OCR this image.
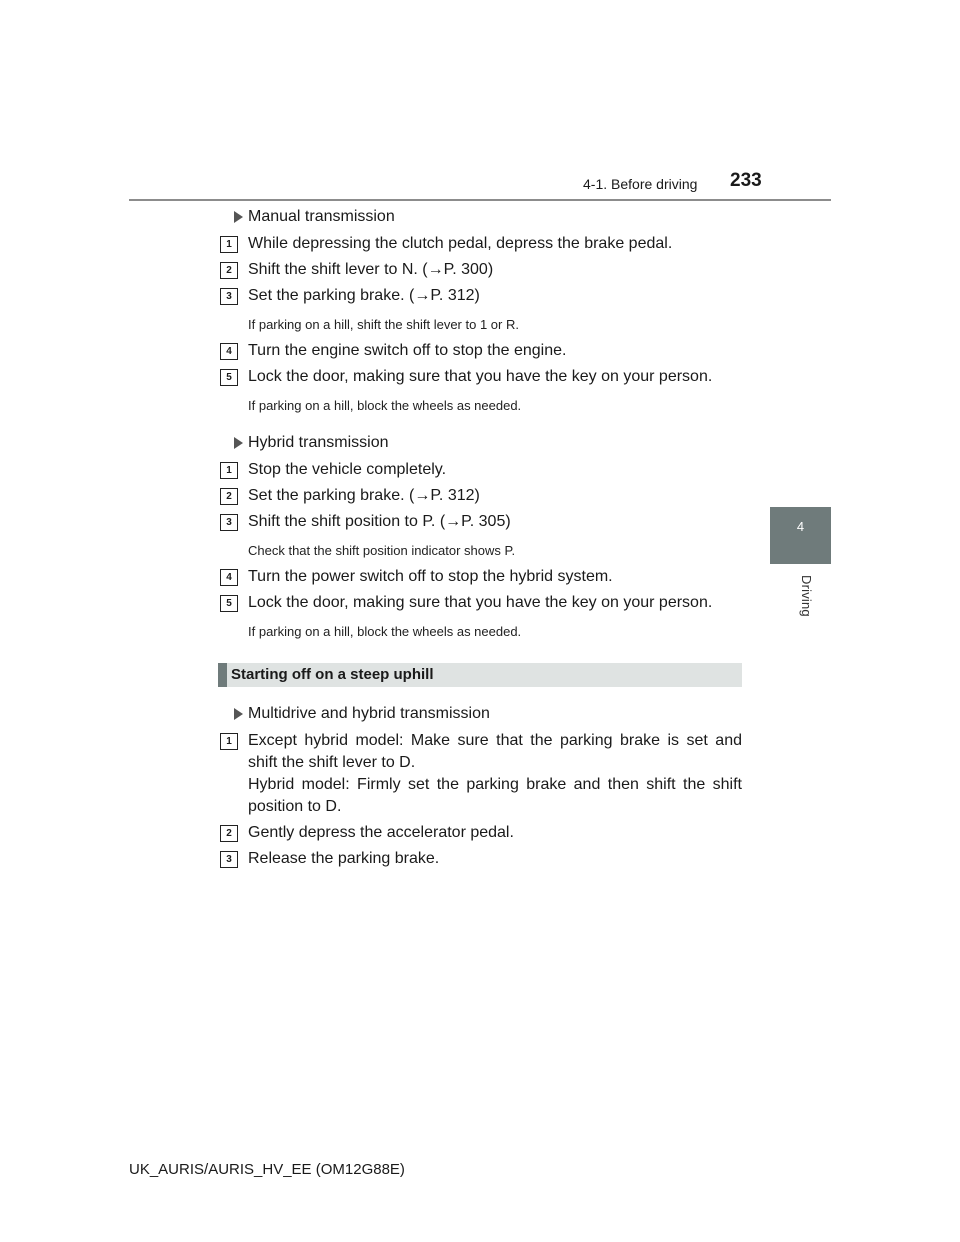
4-1. Before driving 233
4
Driving
Manual transmission
1	While depressing the clutch pedal, depress the brake pedal.
2	Shift the shift lever to N. (→P. 300)
3	Set the parking brake. (→P. 312)
If parking on a hill, shift the shift lever to 1 or R.
4	Turn the engine switch off to stop the engine.
5	Lock the door, making sure that you have the key on your person.
If parking on a hill, block the wheels as needed.
Hybrid transmission
1	Stop the vehicle completely.
2	Set the parking brake. (→P. 312)
3	Shift the shift position to P. (→P. 305)
Check that the shift position indicator shows P.
4	Turn the power switch off to stop the hybrid system.
5	Lock the door, making sure that you have the key on your person.
If parking on a hill, block the wheels as needed.
Starting off on a steep uphill
Multidrive and hybrid transmission
1	Except hybrid model: Make sure that the parking brake is set and shift the shift lever to D.
Hybrid model: Firmly set the parking brake and then shift the shift position to D.
2	Gently depress the accelerator pedal.
3	Release the parking brake.
UK_AURIS/AURIS_HV_EE (OM12G88E)
